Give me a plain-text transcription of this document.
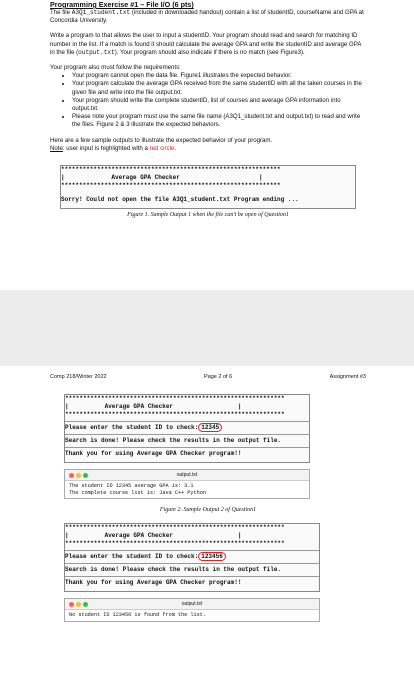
Programming Exercise #1 – File I/O (6 pts)

The file A3Q1_student.txt (included in downloaded handout) contain a list of studentID, courseName and GPA at Concordia University.

Write a program to that allows the user to input a studentID. Your program should read and search for matching ID number in the list. If a match is found it should calculate the average GPA and write the studentID and average GPA in the file (output.txt). Your program should also indicate if there is no match (see Figure3).

Your program also must follow the requirements:

• Your program cannot open the data file. Figure1 illustrates the expected behavior.
• Your program calculate the average GPA received from the same studentID with all the taken courses in the given file and write into the file output.txt.
• Your program should write the complete studentID, list of courses and average GPA information into output.txt.
• Please note your program must use the same file name (A3Q1_student.txt and output.txt) to read and write the files. Figure 2 & 3 illustrate the expected behaviors.

Here are a few sample outputs to illustrate the expected behavior of your program.

Note: user input is highlighted with a red circle.

*************************************************************
|             Average GPA Checker                      |
*************************************************************
Sorry! Could not open the file A3Q1_student.txt Program ending ...
Figure 1. Sample Output 1 when the file can't be open of Question1
Comp 218/Winter 2022	Page 2 of 6	Assignment #3
*************************************************************
|          Average GPA Checker                  |
*************************************************************
Please enter the student ID to check: 12345
Search is done! Please check the results in the output file.
Thank you for using Average GPA Checker program!!
output.txt
The student ID 12345 average GPA is: 3.1
The complete course list is: Java C++ Python
Figure 2. Sample Output 2 of Question1
*************************************************************
|          Average GPA Checker                  |
*************************************************************
Please enter the student ID to check: 123456
Search is done! Please check the results in the output file.
Thank you for using Average GPA Checker program!!
output.txt
No student ID 123456 is found from the list.
